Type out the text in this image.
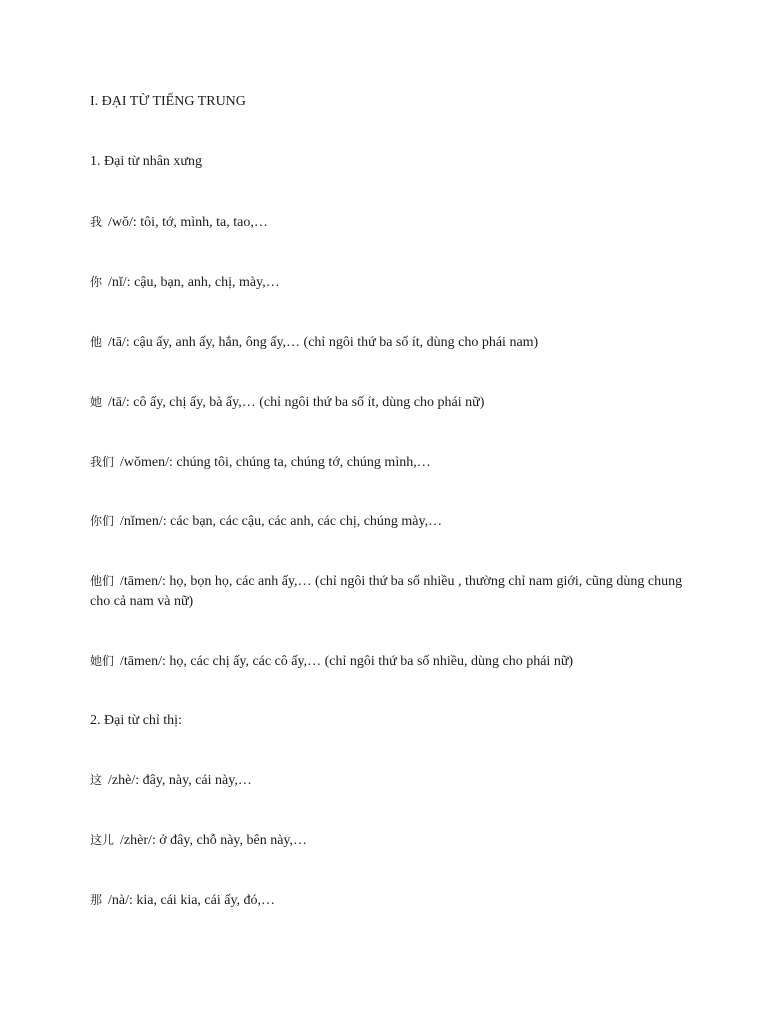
I. ĐẠI TỪ TIẾNG TRUNG
1. Đại từ nhân xưng
我 /wǒ/: tôi, tớ, mình, ta, tao,…
你 /nǐ/: cậu, bạn, anh, chị, mày,…
他 /tā/: cậu ấy, anh ấy, hắn, ông ấy,… (chỉ ngôi thứ ba số ít, dùng cho phái nam)
她 /tā/: cô ấy, chị ấy, bà ấy,… (chỉ ngôi thứ ba số ít, dùng cho phái nữ)
我们 /wǒmen/: chúng tôi, chúng ta, chúng tớ, chúng mình,…
你们 /nǐmen/: các bạn, các cậu, các anh, các chị, chúng mày,…
他们 /tāmen/: họ, bọn họ, các anh ấy,… (chỉ ngôi thứ ba số nhiều , thường chỉ nam giới, cũng dùng chung cho cả nam và nữ)
她们 /tāmen/: họ, các chị ấy, các cô ấy,… (chỉ ngôi thứ ba số nhiều, dùng cho phái nữ)
2. Đại từ chỉ thị:
这 /zhè/: đây, này, cái này,…
这儿 /zhèr/: ở đây, chỗ này, bên này,…
那 /nà/: kia, cái kia, cái ấy, đó,…
